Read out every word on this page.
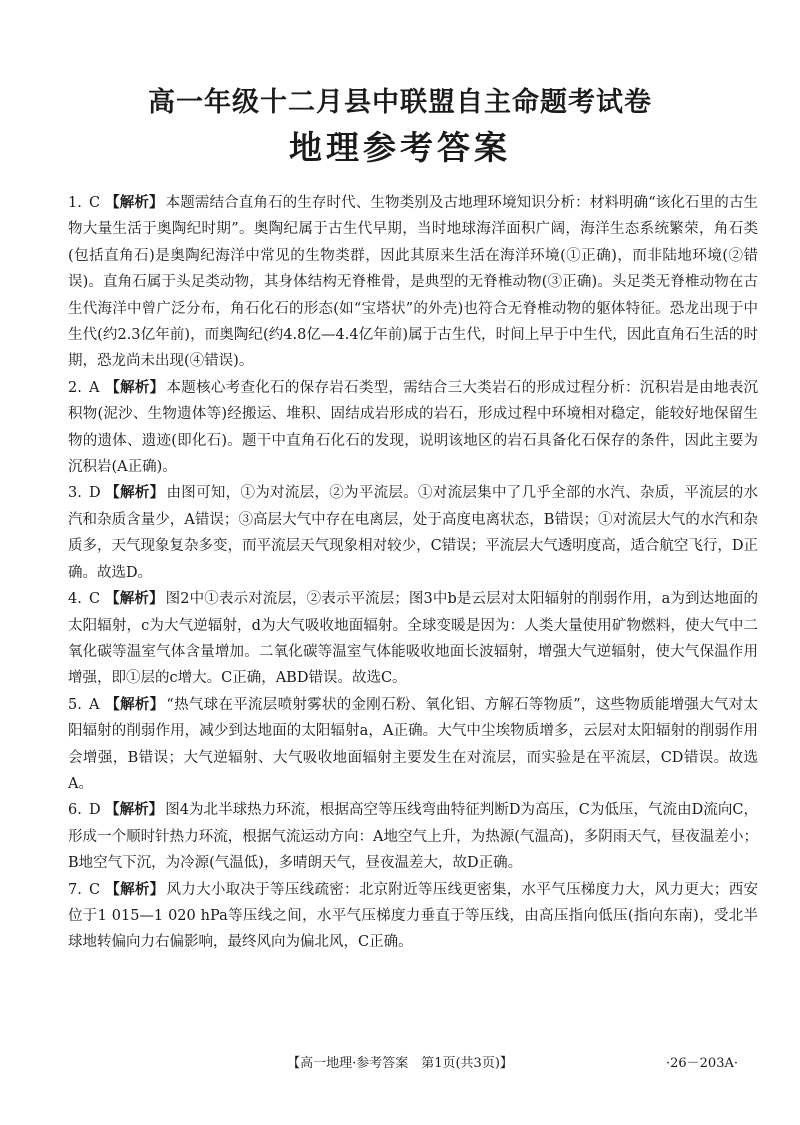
高一年级十二月县中联盟自主命题考试卷
地理参考答案

1. C 【解析】 本题需结合直角石的生存时代、生物类别及古地理环境知识分析：材料明确“该化石里的古生物大量生活于奥陶纪时期”。奥陶纪属于古生代早期，当时地球海洋面积广阔，海洋生态系统繁荣，角石类(包括直角石)是奥陶纪海洋中常见的生物类群，因此其原来生活在海洋环境(①正确)，而非陆地环境(②错误)。直角石属于头足类动物，其身体结构无脊椎骨，是典型的无脊椎动物(③正确)。头足类无脊椎动物在古生代海洋中曾广泛分布，角石化石的形态(如“宝塔状”的外壳)也符合无脊椎动物的躯体特征。恐龙出现于中生代(约2.3亿年前)，而奥陶纪(约4.8亿—4.4亿年前)属于古生代，时间上早于中生代，因此直角石生活的时期，恐龙尚未出现(④错误)。

2. A 【解析】 本题核心考查化石的保存岩石类型，需结合三大类岩石的形成过程分析：沉积岩是由地表沉积物(泥沙、生物遗体等)经搬运、堆积、固结成岩形成的岩石，形成过程中环境相对稳定，能较好地保留生物的遗体、遗迹(即化石)。题干中直角石化石的发现，说明该地区的岩石具备化石保存的条件，因此主要为沉积岩(A正确)。

3. D 【解析】 由图可知，①为对流层，②为平流层。①对流层集中了几乎全部的水汽、杂质，平流层的水汽和杂质含量少，A错误；③高层大气中存在电离层，处于高度电离状态，B错误；①对流层大气的水汽和杂质多，天气现象复杂多变，而平流层天气现象相对较少，C错误；平流层大气透明度高，适合航空飞行，D正确。故选D。

4. C 【解析】 图2中①表示对流层，②表示平流层；图3中b是云层对太阳辐射的削弱作用，a为到达地面的太阳辐射，c为大气逆辐射，d为大气吸收地面辐射。全球变暖是因为：人类大量使用矿物燃料，使大气中二氧化碳等温室气体含量增加。二氧化碳等温室气体能吸收地面长波辐射，增强大气逆辐射，使大气保温作用增强，即①层的c增大。C正确，ABD错误。故选C。

5. A 【解析】 “热气球在平流层喷射雾状的金刚石粉、氧化铝、方解石等物质”，这些物质能增强大气对太阳辐射的削弱作用，减少到达地面的太阳辐射a，A正确。大气中尘埃物质增多，云层对太阳辐射的削弱作用会增强，B错误；大气逆辐射、大气吸收地面辐射主要发生在对流层，而实验是在平流层，CD错误。故选A。

6. D 【解析】 图4为北半球热力环流，根据高空等压线弯曲特征判断D为高压，C为低压，气流由D流向C，形成一个顺时针热力环流，根据气流运动方向：A地空气上升，为热源(气温高)，多阴雨天气，昼夜温差小；B地空气下沉，为冷源(气温低)，多晴朗天气，昼夜温差大，故D正确。

7. C 【解析】 风力大小取决于等压线疏密：北京附近等压线更密集，水平气压梯度力大，风力更大；西安位于1 015—1 020 hPa等压线之间，水平气压梯度力垂直于等压线，由高压指向低压(指向东南)，受北半球地转偏向力右偏影响，最终风向为偏北风，C正确。

【高一地理·参考答案　第1页(共3页)】	·26－203A·
